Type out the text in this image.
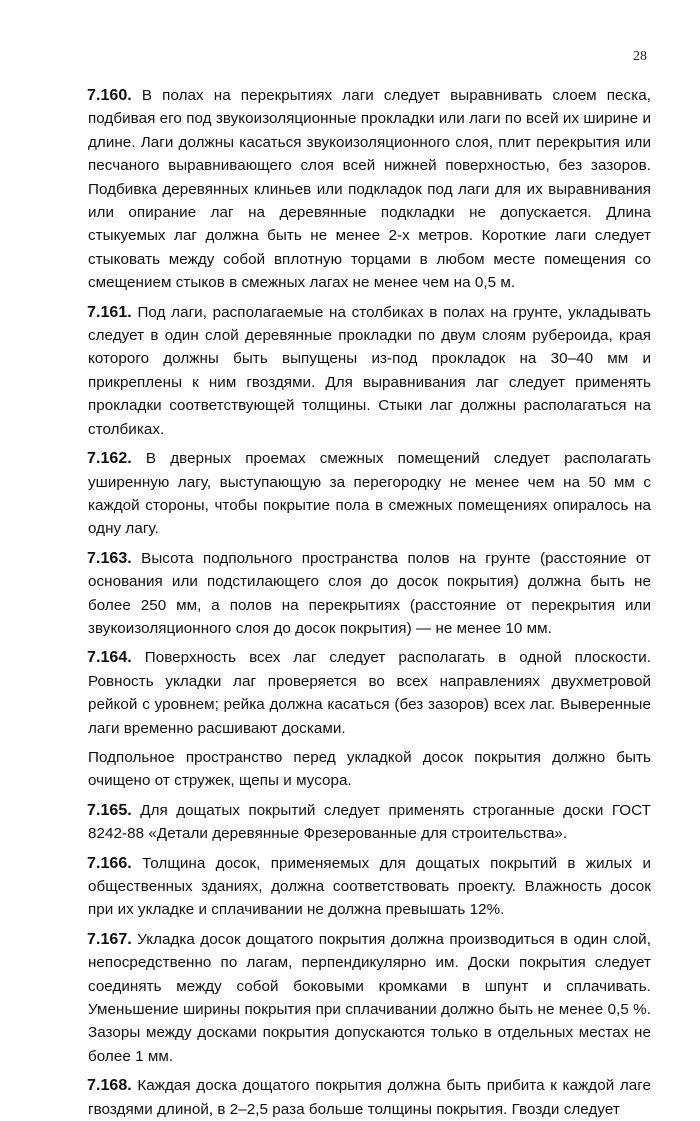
28

7.160. В полах на перекрытиях лаги следует выравнивать слоем песка, подбивая его под звукоизоляционные прокладки или лаги по всей их ширине и длине. Лаги должны касаться звукоизоляционного слоя, плит перекрытия или песчаного выравнивающего слоя всей нижней поверхностью, без зазоров. Подбивка деревянных клиньев или подкладок под лаги для их выравнивания или опирание лаг на деревянные подкладки не допускается. Длина стыкуемых лаг должна быть не менее 2-х метров. Короткие лаги следует стыковать между собой вплотную торцами в любом месте помещения со смещением стыков в смежных лагах не менее чем на 0,5 м.

7.161. Под лаги, располагаемые на столбиках в полах на грунте, укладывать следует в один слой деревянные прокладки по двум слоям рубероида, края которого должны быть выпущены из-под прокладок на 30–40 мм и прикреплены к ним гвоздями. Для выравнивания лаг следует применять прокладки соответствующей толщины. Стыки лаг должны располагаться на столбиках.

7.162. В дверных проемах смежных помещений следует располагать уширенную лагу, выступающую за перегородку не менее чем на 50 мм с каждой стороны, чтобы покрытие пола в смежных помещениях опиралось на одну лагу.

7.163. Высота подпольного пространства полов на грунте (расстояние от основания или подстилающего слоя до досок покрытия) должна быть не более 250 мм, а полов на перекрытиях (расстояние от перекрытия или звукоизоляционного слоя до досок покрытия) — не менее 10 мм.

7.164. Поверхность всех лаг следует располагать в одной плоскости. Ровность укладки лаг проверяется во всех направлениях двухметровой рейкой с уровнем; рейка должна касаться (без зазоров) всех лаг. Выверенные лаги временно расшивают досками.

Подпольное пространство перед укладкой досок покрытия должно быть очищено от стружек, щепы и мусора.

7.165. Для дощатых покрытий следует применять строганные доски ГОСТ 8242-88 «Детали деревянные Фрезерованные для строительства».

7.166. Толщина досок, применяемых для дощатых покрытий в жилых и общественных зданиях, должна соответствовать проекту. Влажность досок при их укладке и сплачивании не должна превышать 12%.

7.167. Укладка досок дощатого покрытия должна производиться в один слой, непосредственно по лагам, перпендикулярно им. Доски покрытия следует соединять между собой боковыми кромками в шпунт и сплачивать. Уменьшение ширины покрытия при сплачивании должно быть не менее 0,5 %. Зазоры между досками покрытия допускаются только в отдельных местах не более 1 мм.

7.168. Каждая доска дощатого покрытия должна быть прибита к каждой лаге гвоздями длиной, в 2–2,5 раза больше толщины покрытия. Гвозди следует
